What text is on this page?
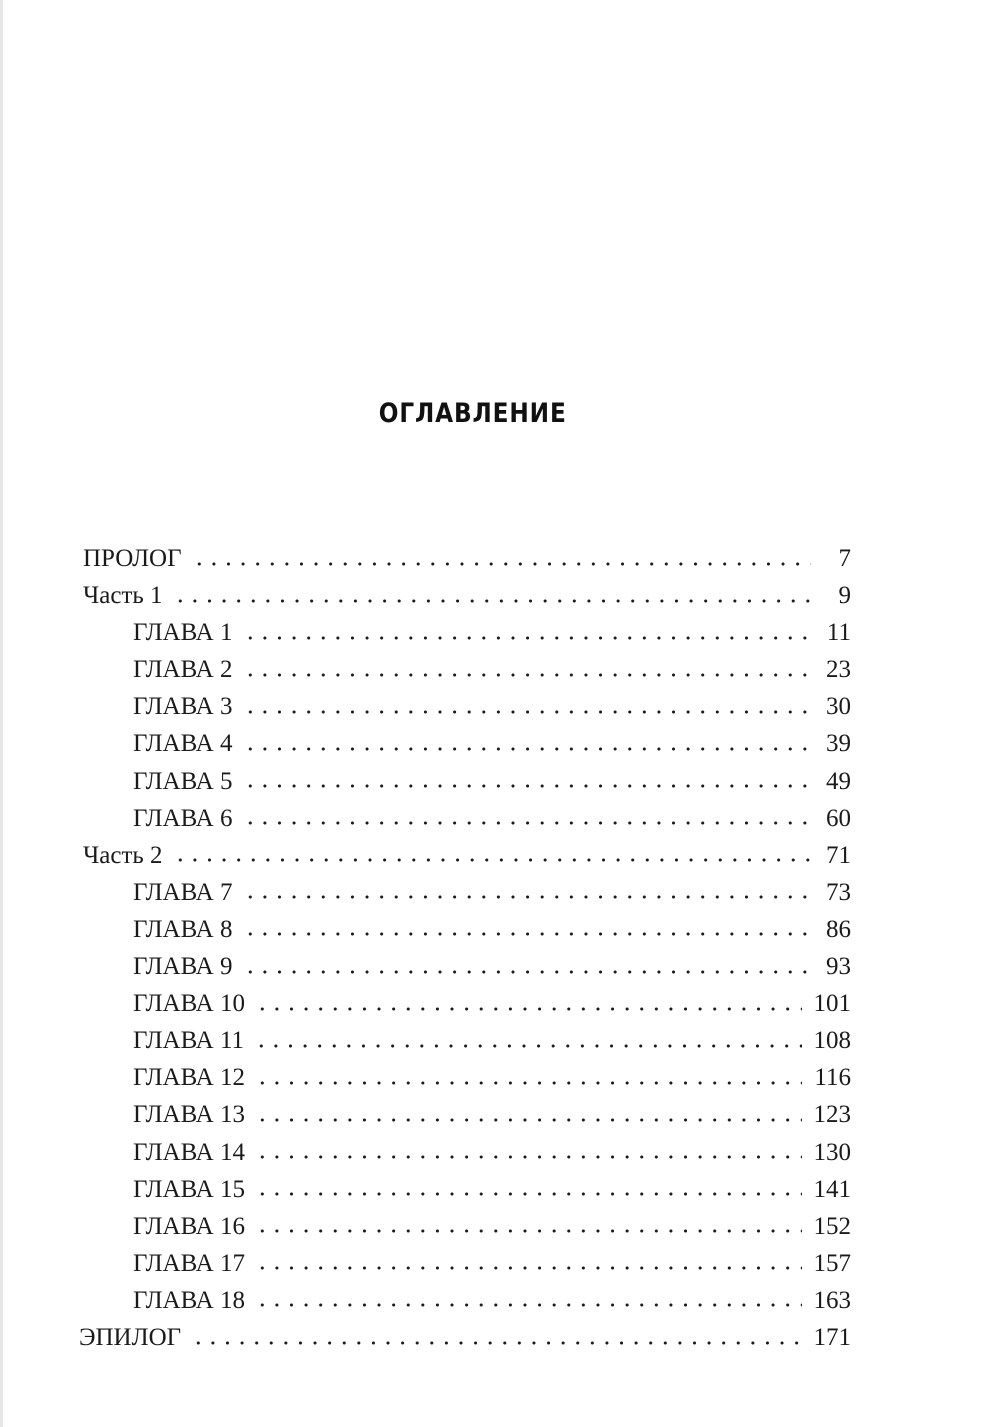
ОГЛАВЛЕНИЕ
ПРОЛОГ	7
Часть 1	9
ГЛАВА 1	11
ГЛАВА 2	23
ГЛАВА 3	30
ГЛАВА 4	39
ГЛАВА 5	49
ГЛАВА 6	60
Часть 2	71
ГЛАВА 7	73
ГЛАВА 8	86
ГЛАВА 9	93
ГЛАВА 10	101
ГЛАВА 11	108
ГЛАВА 12	116
ГЛАВА 13	123
ГЛАВА 14	130
ГЛАВА 15	141
ГЛАВА 16	152
ГЛАВА 17	157
ГЛАВА 18	163
ЭПИЛОГ	171
